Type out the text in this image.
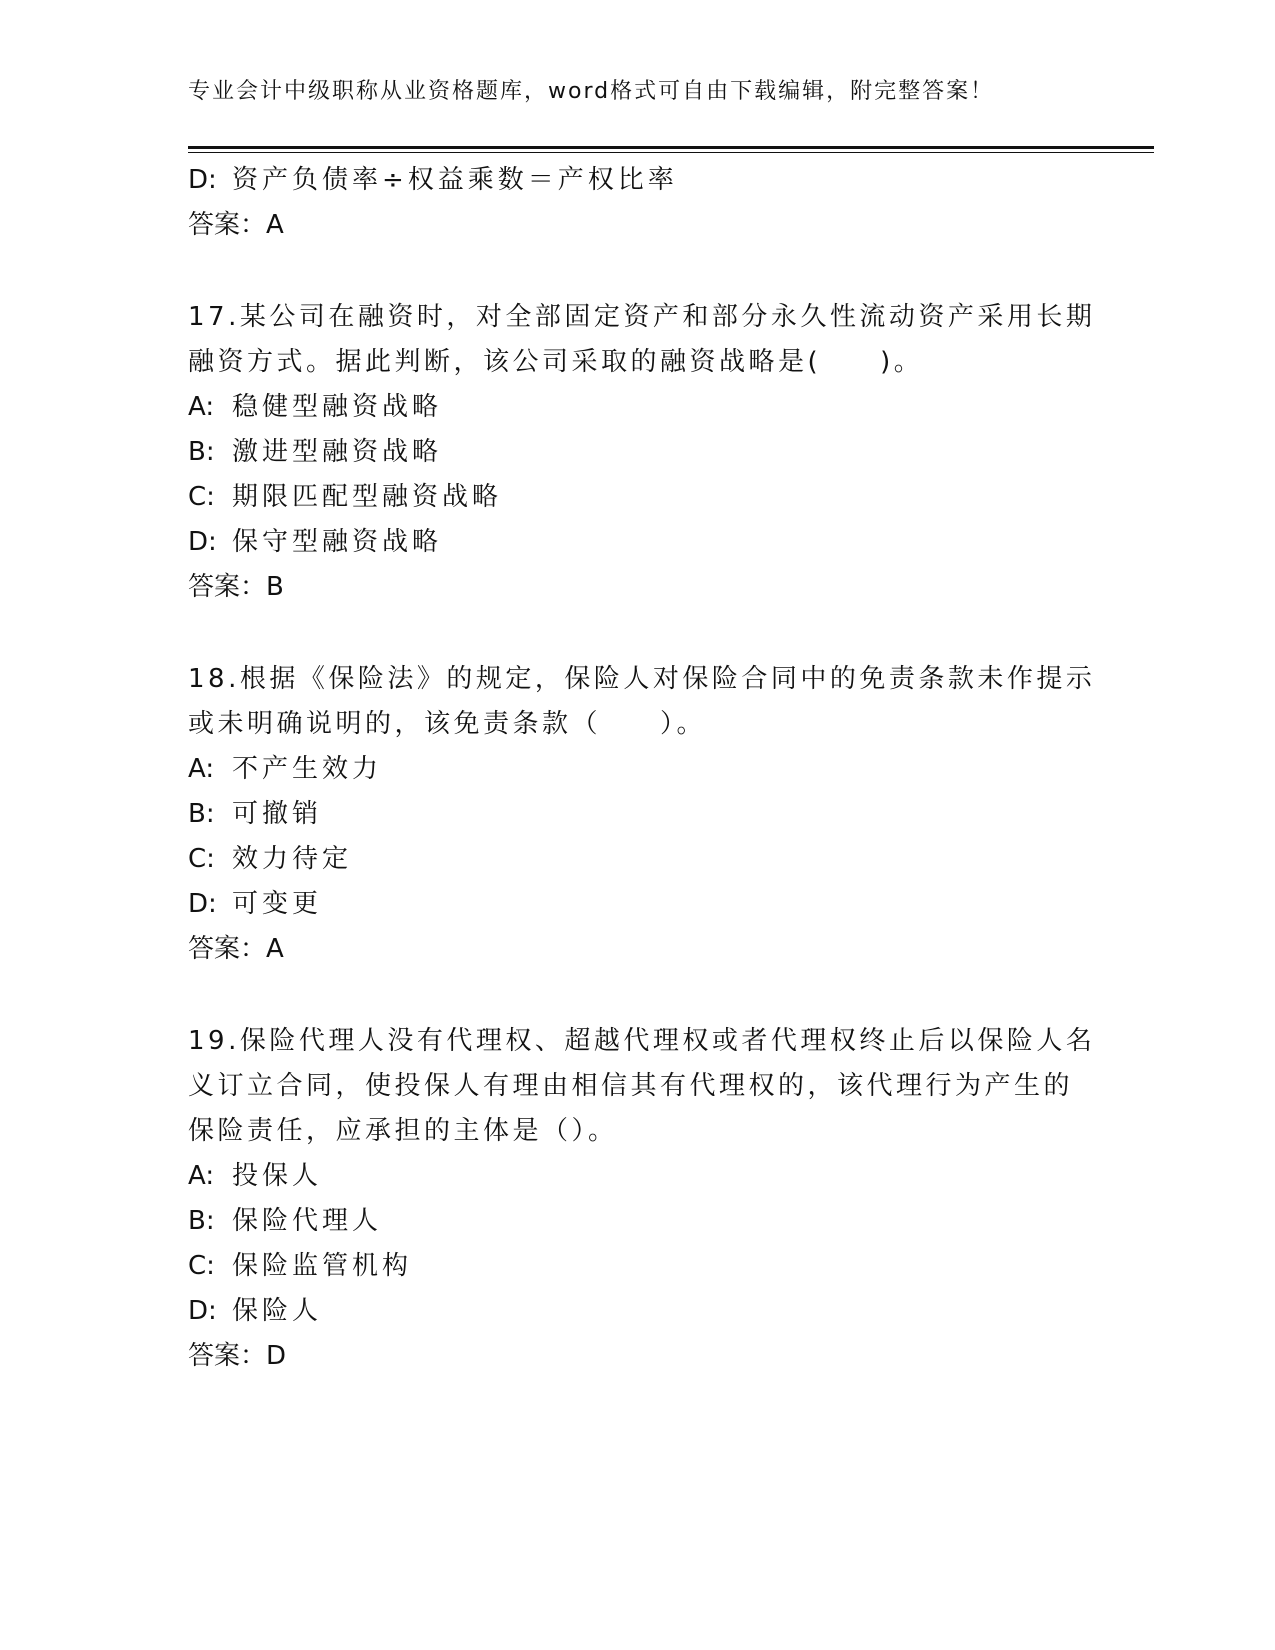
专业会计中级职称从业资格题库，word格式可自由下载编辑，附完整答案！
D: 资产负债率÷权益乘数＝产权比率
答案：A
17.某公司在融资时，对全部固定资产和部分永久性流动资产采用长期
融资方式。据此判断，该公司采取的融资战略是(　　)。
A: 稳健型融资战略
B: 激进型融资战略
C: 期限匹配型融资战略
D: 保守型融资战略
答案：B
18.根据《保险法》的规定，保险人对保险合同中的免责条款未作提示
或未明确说明的，该免责条款（　　）。
A: 不产生效力
B: 可撤销
C: 效力待定
D: 可变更
答案：A
19.保险代理人没有代理权、超越代理权或者代理权终止后以保险人名
义订立合同，使投保人有理由相信其有代理权的，该代理行为产生的
保险责任，应承担的主体是（）。
A: 投保人
B: 保险代理人
C: 保险监管机构
D: 保险人
答案：D
